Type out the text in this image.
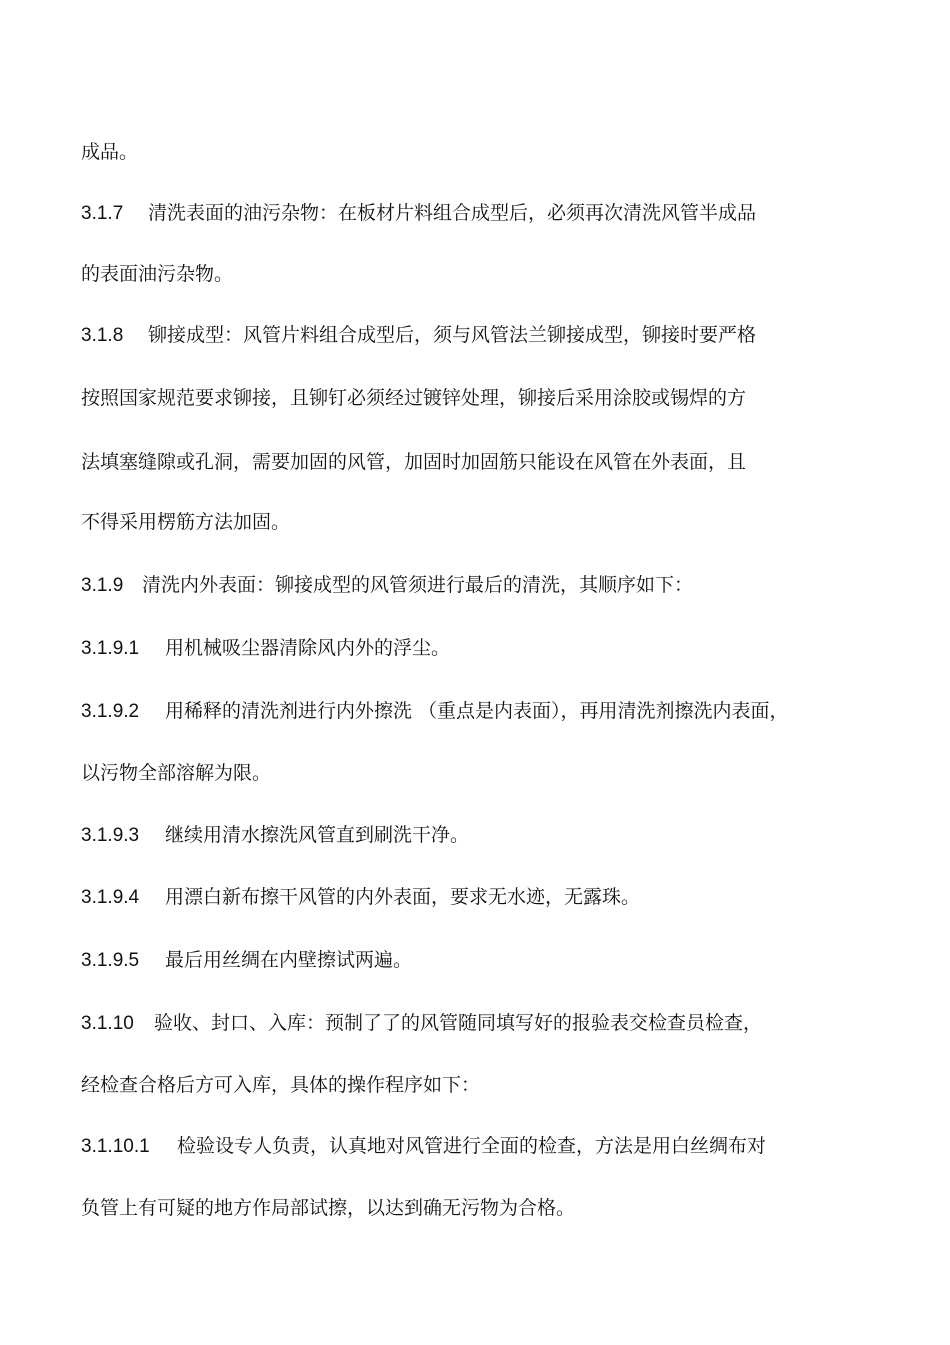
成品。
3.1.7 清洗表面的油污杂物：在板材片料组合成型后，必须再次清洗风管半成品
的表面油污杂物。
3.1.8 铆接成型：风管片料组合成型后，须与风管法兰铆接成型，铆接时要严格
按照国家规范要求铆接，且铆钉必须经过镀锌处理，铆接后采用涂胶或锡焊的方
法填塞缝隙或孔洞，需要加固的风管，加固时加固筋只能设在风管在外表面，且
不得采用楞筋方法加固。
3.1.9 清洗内外表面：铆接成型的风管须进行最后的清洗，其顺序如下：
3.1.9.1 用机械吸尘器清除风内外的浮尘。
3.1.9.2 用稀释的清洗剂进行内外擦洗 （重点是内表面），再用清洗剂擦洗内表面，
以污物全部溶解为限。
3.1.9.3 继续用清水擦洗风管直到刷洗干净。
3.1.9.4 用漂白新布擦干风管的内外表面，要求无水迹，无露珠。
3.1.9.5 最后用丝绸在内壁擦试两遍。
3.1.10 验收、封口、入库：预制了了的风管随同填写好的报验表交检查员检查，
经检查合格后方可入库，具体的操作程序如下：
3.1.10.1 检验设专人负责，认真地对风管进行全面的检查，方法是用白丝绸布对
负管上有可疑的地方作局部试擦，以达到确无污物为合格。
